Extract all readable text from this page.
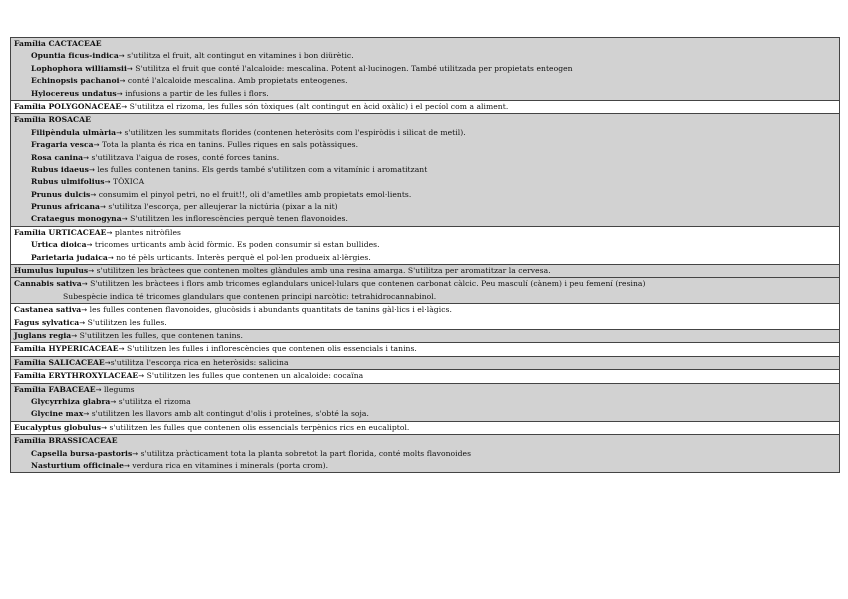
Família CACTACEAE
Opuntia ficus-indica→ s'utilitza el fruit, alt contingut en vitamines i bon diürètic.
Lophophora williamsii→ S'utilitza el fruit que conté l'alcaloide: mescalina. Potent al·lucinogen. També utilitzada per propietats enteogen
Echinopsis pachanoi→ conté l'alcaloide mescalina. Amb propietats enteogenes.
Hylocereus undatus→ infusions a partir de les fulles i flors.
Família POLYGONACEAE→ S'utilitza el rizoma, les fulles són tòxiques (alt contingut en àcid oxàlic) i el pecíol com a aliment.
Família ROSACAE
Filipèndula ulmària→ s'utilitzen les summitats florides (contenen heteròsits com l'espiròdis i silicat de metil).
Fragaria vesca→ Tota la planta és rica en tanins. Fulles riques en sals potàssiques.
Rosa canina→ s'utilitzava l'aigua de roses, conté forces tanins.
Rubus idaeus→ les fulles contenen tanins. Els gerds també s'utilitzen com a vitamínic i aromatitzant
Rubus ulmifolius→ TÒXICA
Prunus dulcis→ consumim el pinyol petri, no el fruit!!, oli d'ametlles amb propietats emol·lients.
Prunus africana→ s'utilitza l'escorça, per alleujerar la nictúria (pixar a la nit)
Crataegus monogyna→ S'utilitzen les inflorescències perquè tenen flavonoides.
Família URTICACEAE→ plantes nitròfiles
Urtica dioica→ tricomes urticants amb àcid fòrmic. Es poden consumir si estan bullides.
Parietaria judaica→ no té pèls urticants. Interès perquè el pol·len produeix al·lèrgies.
Humulus lupulus→ s'utilitzen les bràctees que contenen moltes glàndules amb una resina amarga. S'utilitza per aromatitzar la cervesa.
Cannabis sativa→ S'utilitzen les bràctees i flors amb tricomes eglandulars unicel·lulars que contenen carbonat càlcic. Peu masculí (cànem) i peu femení (resina)
Subespècie indica té tricomes glandulars que contenen principi narcòtic: tetrahidrocannabinol.
Castanea sativa→ les fulles contenen flavonoides, glucòsids i abundants quantitats de tanins gàl·lics i el·làgics.
Fagus sylvatica→ S'utilitzen les fulles.
Juglans regia→ S'utilitzen les fulles, que contenen tanins.
Família HYPERICACEAE→ S'utilitzen les fulles i inflorescències que contenen olis essencials i tanins.
Família SALICACEAE→s'utilitza l'escorça rica en heteròsids: salicina
Família ERYTHROXYLACEAE→ S'utilitzen les fulles que contenen un alcaloide: cocaïna
Família FABACEAE→ llegums
Glycyrrhiza glabra→ s'utilitza el rizoma
Glycine max→ s'utilitzen les llavors amb alt contingut d'olis i proteïnes, s'obté la soja.
Eucalyptus globulus→ s'utilitzen les fulles que contenen olis essencials terpènics rics en eucaliptol.
Família BRASSICACEAE
Capsella bursa-pastoris→ s'utilitza pràcticament tota la planta sobretot la part florida, conté molts flavonoides
Nasturtium officinale→ verdura rica en vitamines i minerals (porta crom).
